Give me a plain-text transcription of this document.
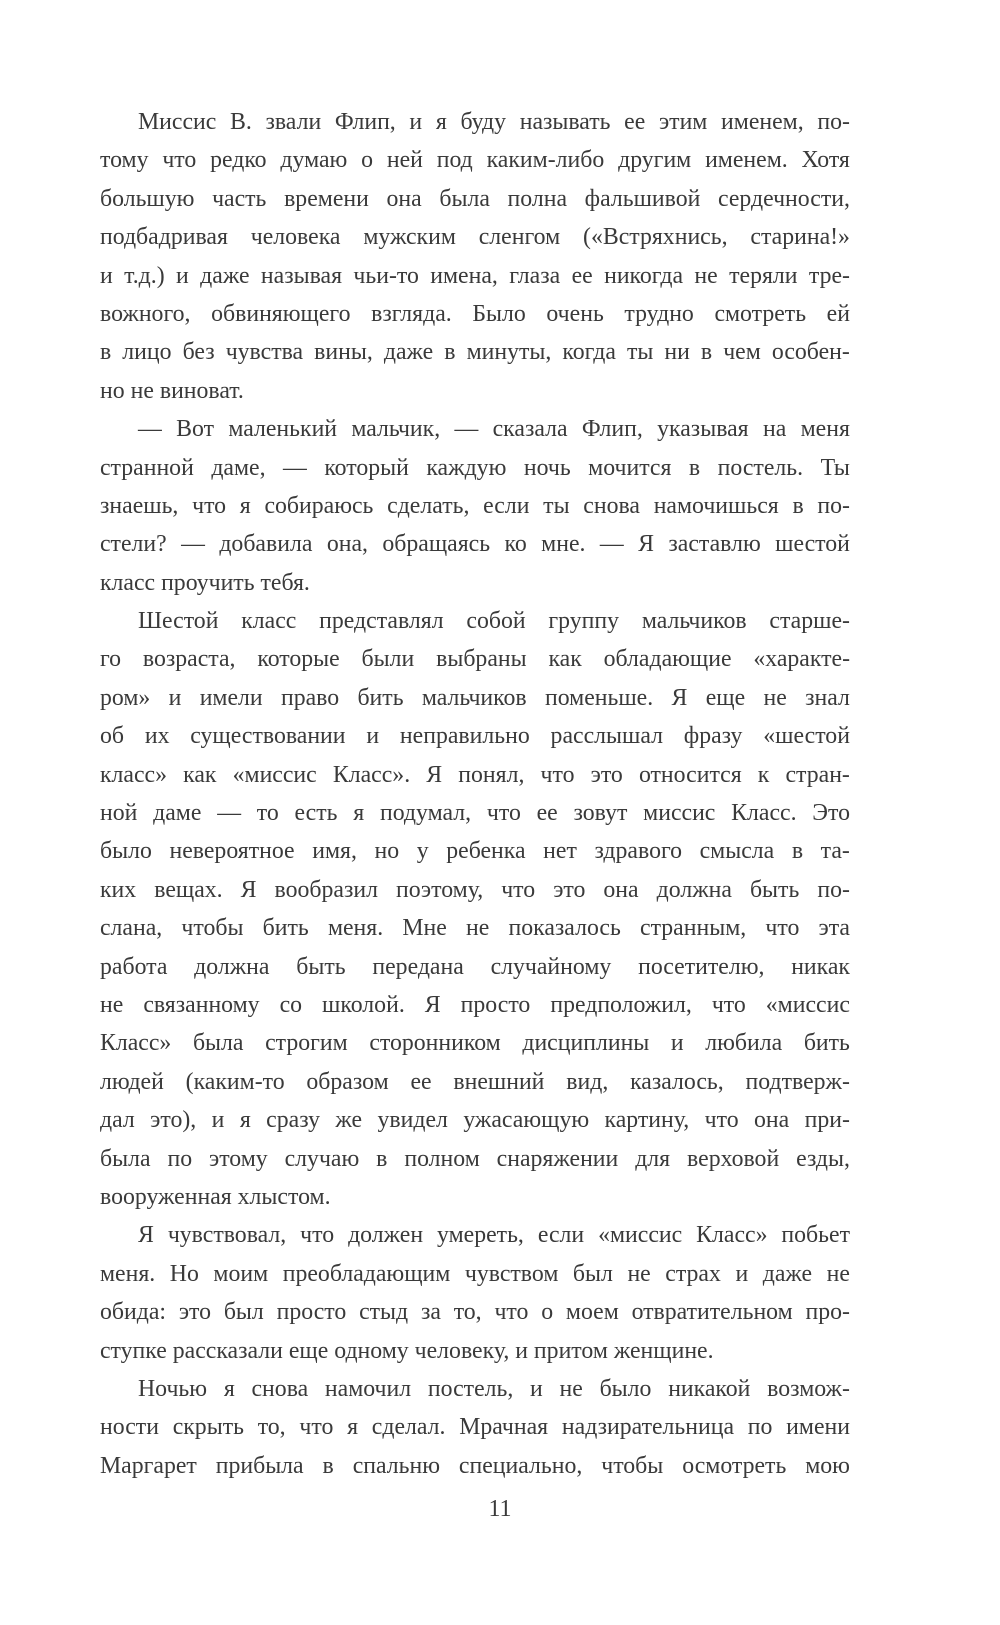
Миссис В. звали Флип, и я буду называть ее этим именем, по-
тому что редко думаю о ней под каким-либо другим именем. Хотя
большую часть времени она была полна фальшивой сердечности,
подбадривая человека мужским сленгом («Встряхнись, старина!»
и т.д.) и даже называя чьи-то имена, глаза ее никогда не теряли тре-
вожного, обвиняющего взгляда. Было очень трудно смотреть ей
в лицо без чувства вины, даже в минуты, когда ты ни в чем особен-
но не виноват.
— Вот маленький мальчик, — сказала Флип, указывая на меня
странной даме, — который каждую ночь мочится в постель. Ты
знаешь, что я собираюсь сделать, если ты снова намочишься в по-
стели? — добавила она, обращаясь ко мне. — Я заставлю шестой
класс проучить тебя.
Шестой класс представлял собой группу мальчиков старше-
го возраста, которые были выбраны как обладающие «характе-
ром» и имели право бить мальчиков поменьше. Я еще не знал
об их существовании и неправильно расслышал фразу «шестой
класс» как «миссис Класс». Я понял, что это относится к стран-
ной даме — то есть я подумал, что ее зовут миссис Класс. Это
было невероятное имя, но у ребенка нет здравого смысла в та-
ких вещах. Я вообразил поэтому, что это она должна быть по-
слана, чтобы бить меня. Мне не показалось странным, что эта
работа должна быть передана случайному посетителю, никак
не связанному со школой. Я просто предположил, что «миссис
Класс» была строгим сторонником дисциплины и любила бить
людей (каким-то образом ее внешний вид, казалось, подтверж-
дал это), и я сразу же увидел ужасающую картину, что она при-
была по этому случаю в полном снаряжении для верховой езды,
вооруженная хлыстом.
Я чувствовал, что должен умереть, если «миссис Класс» побьет
меня. Но моим преобладающим чувством был не страх и даже не
обида: это был просто стыд за то, что о моем отвратительном про-
ступке рассказали еще одному человеку, и притом женщине.
Ночью я снова намочил постель, и не было никакой возмож-
ности скрыть то, что я сделал. Мрачная надзирательница по имени
Маргарет прибыла в спальню специально, чтобы осмотреть мою
11
